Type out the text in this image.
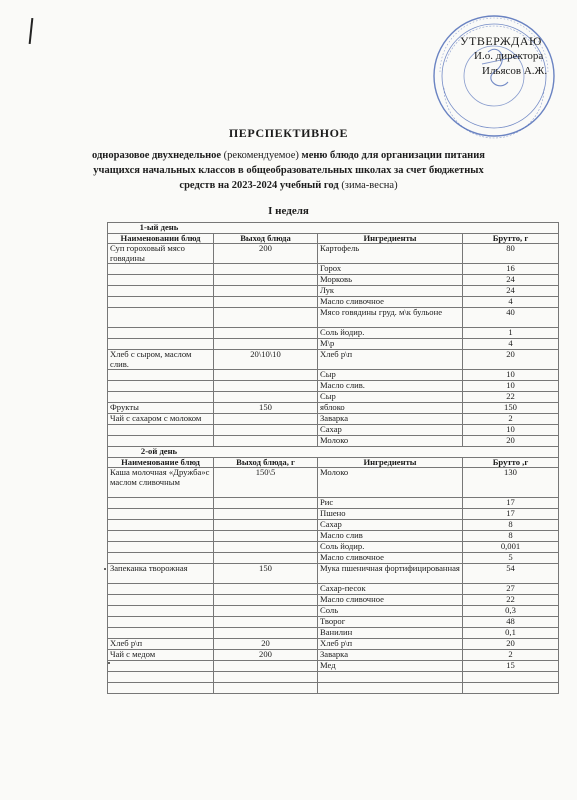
УТВЕРЖДАЮ
И.о. директора
Ильясов А.Ж.
ПЕРСПЕКТИВНОЕ
одноразовое двухнедельное (рекомендуемое) меню блюдо для организации питания
учащихся начальных классов в общеобразовательных школах за счет бюджетных
средств на 2023-2024 учебный год (зима-весна)
I неделя
1-ый день			
Наименовании блюд	Выход блюда	Ингредиенты	Брутто, г
Суп гороховый мясо говядины	200	Картофель	80
		Горох	16
		Морковь	24
		Лук	24
		Масло сливочное	4
		Мясо говядины груд. м\к бульоне	40
		Соль йодир.	1
		М\р	4
Хлеб с сыром, маслом слив.	20\10\10	Хлеб р\п	20
		Сыр	10
		Масло слив.	10
		Сыр	22
Фрукты	150	яблоко	150
Чай с сахаром с молоком		Заварка	2
		Сахар	10
		Молоко	20
2-ой день			
Наименование блюд	Выход блюда, г	Ингредиенты	Брутто ,г
Каша молочная «Дружба»с маслом сливочным	150\5	Молоко	130
		Рис	17
		Пшено	17
		Сахар	8
		Масло слив	8
		Соль йодир.	0,001
		Масло сливочное	5
Запеканка творожная	150	Мука пшеничная фортифицированная	54
		Сахар-песок	27
		Масло сливочное	22
		Соль	0,3
		Творог	48
		Ванилин	0,1
Хлеб р\п	20	Хлеб р\п	20
Чай с медом	200	Заварка	2
		Мед	15
